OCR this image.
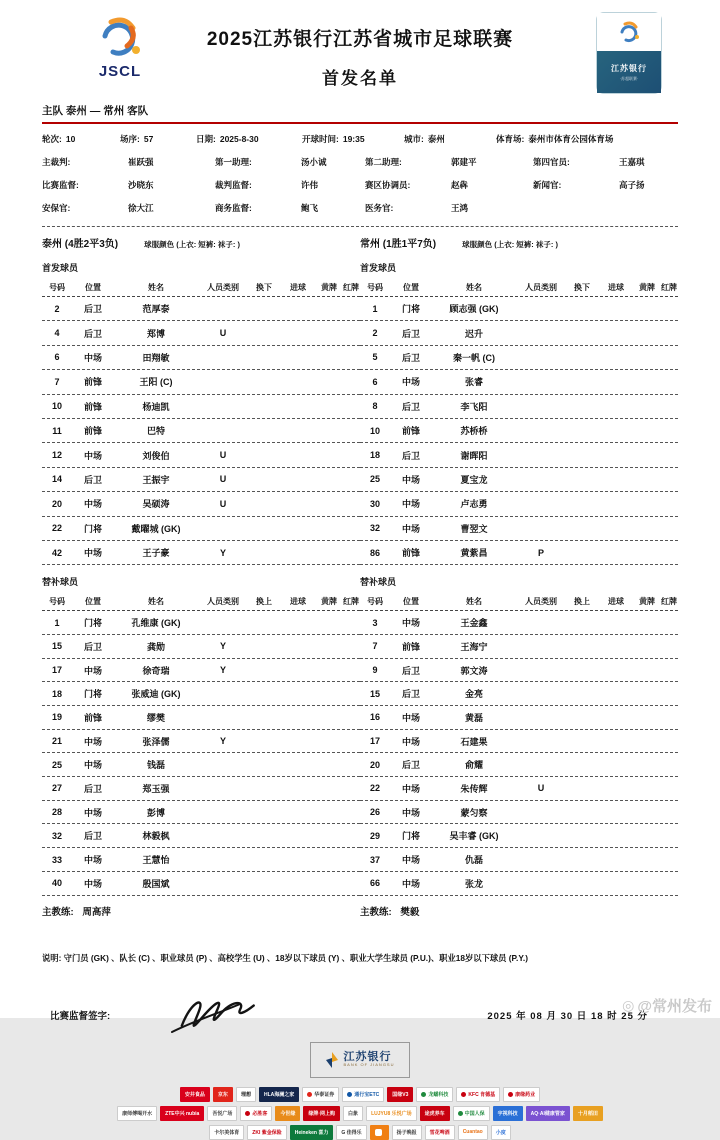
JSCL	江苏银行
·苏超联赛·
2025江苏银行江苏省城市足球联赛
首发名单
主队 泰州 — 常州 客队
轮次: 10	场序: 57	日期: 2025-8-30	开球时间: 19:35	城市: 泰州	体育场: 泰州市体育公园体育场
主裁判:	崔跃强	第一助理:	汤小诚	第二助理:	郭建平	第四官员:	王嘉琪
比赛监督:	沙晓东	裁判监督:	许伟	赛区协调员:	赵犇	新闻官:	高子扬
安保官:	徐大江	商务监督:	鲍飞	医务官:	王鸿
泰州 (4胜2平3负)	球服颜色 (上衣: 短裤: 袜子: )
首发球员
号码	位置	姓名	人员类别	换下	进球	黄牌 红牌
2	后卫	范厚泰
4	后卫	郑博	U
6	中场	田翔敏
7	前锋	王阳 (C)
10	前锋	杨迪凯
11	前锋	巴特
12	中场	刘俊伯	U
14	后卫	王振宇	U
20	中场	吴硕涛	U
22	门将	戴曜城 (GK)
42	中场	王子豪	Y
替补球员
号码	位置	姓名	人员类别	换上	进球	黄牌 红牌
1	门将	孔维康 (GK)
15	后卫	龚勋	Y
17	中场	徐奇瑞	Y
18	门将	张威迪 (GK)
19	前锋	缪樊
21	中场	张泽儒	Y
25	中场	钱磊
27	后卫	郑玉强
28	中场	彭博
32	后卫	林毅枫
33	中场	王慧怡
40	中场	殷国斌
主教练: 周高萍
常州 (1胜1平7负)	球服颜色 (上衣: 短裤: 袜子: )
首发球员
号码	位置	姓名	人员类别	换下	进球	黄牌 红牌
1	门将	顾志强 (GK)
2	后卫	迟升
5	后卫	秦一帆 (C)
6	中场	张睿
8	后卫	李飞阳
10	前锋	苏桥桥
18	后卫	谢晖阳
25	中场	夏宝龙
30	中场	卢志勇
32	中场	曹翌文
86	前锋	黄紫昌	P
替补球员
号码	位置	姓名	人员类别	换上	进球	黄牌 红牌
3	中场	王金鑫
7	前锋	王海宁
9	后卫	郭文涛
15	后卫	金亮
16	中场	黄磊
17	中场	石建果
20	后卫	俞耀
22	中场	朱传辉	U
26	中场	蒙匀察
29	门将	吴丰睿 (GK)
37	中场	仇磊
66	中场	张龙
主教练: 樊毅
说明: 守门员 (GK) 、队长 (C) 、职业球员 (P) 、高校学生 (U) 、18岁以下球员 (Y) 、职业大学生球员 (P.U.)、职业18岁以下球员 (P.Y.)
比赛监督签字:	2025 年 08 月 30 日 18 时 25 分
江苏银行
BANK OF JIANGSU
安井食品	京东	理想	HLA海澜之家	华泰证券	通行宝ETC	国缘V3	龙蟠科技	KFC 肯德基	康缘药业
康师傅喝开水	ZTE中兴 nubia	吾悦广场	必胜客	今世缘	缘牌·网上购	白象	LUJYU8 乐悦广场	途虎养车	中国人保	宇视科技	AQ·AI健康管家	十月稻田
卡尔美体育	ZKI 紫金保险	Heineken 喜力	G 佳得乐	扬子晚报	雪花啤酒	Cuantao	小度
◎ @常州发布
